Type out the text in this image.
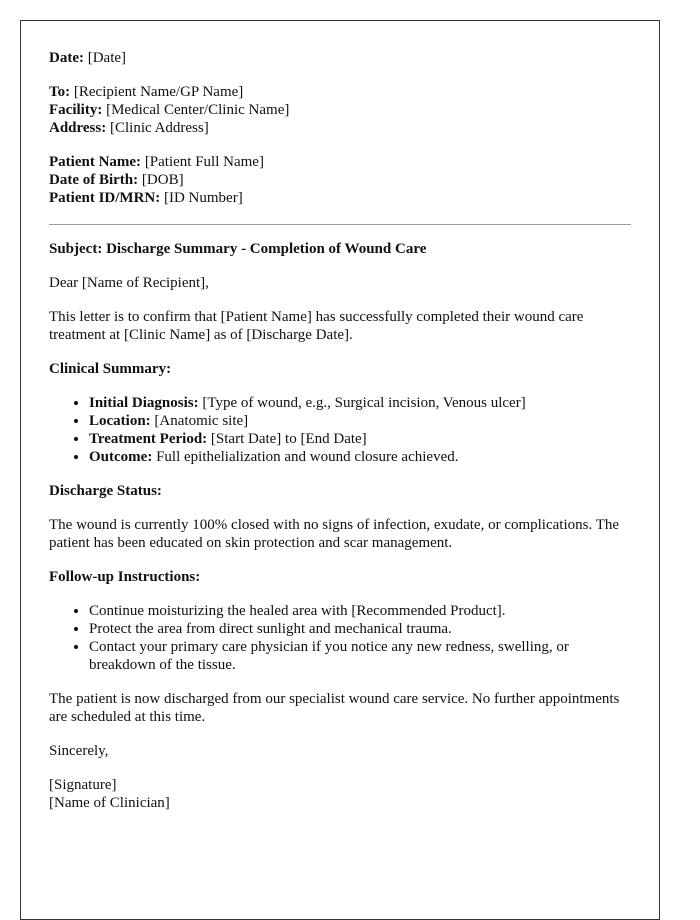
Date: [Date]
To: [Recipient Name/GP Name]
Facility: [Medical Center/Clinic Name]
Address: [Clinic Address]
Patient Name: [Patient Full Name]
Date of Birth: [DOB]
Patient ID/MRN: [ID Number]

Subject: Discharge Summary - Completion of Wound Care

Dear [Name of Recipient],

This letter is to confirm that [Patient Name] has successfully completed their wound care treatment at [Clinic Name] as of [Discharge Date].

Clinical Summary:

• Initial Diagnosis: [Type of wound, e.g., Surgical incision, Venous ulcer]
• Location: [Anatomic site]
• Treatment Period: [Start Date] to [End Date]
• Outcome: Full epithelialization and wound closure achieved.

Discharge Status:

The wound is currently 100% closed with no signs of infection, exudate, or complications. The patient has been educated on skin protection and scar management.

Follow-up Instructions:

• Continue moisturizing the healed area with [Recommended Product].
• Protect the area from direct sunlight and mechanical trauma.
• Contact your primary care physician if you notice any new redness, swelling, or breakdown of the tissue.

The patient is now discharged from our specialist wound care service. No further appointments are scheduled at this time.

Sincerely,

[Signature]
[Name of Clinician]
